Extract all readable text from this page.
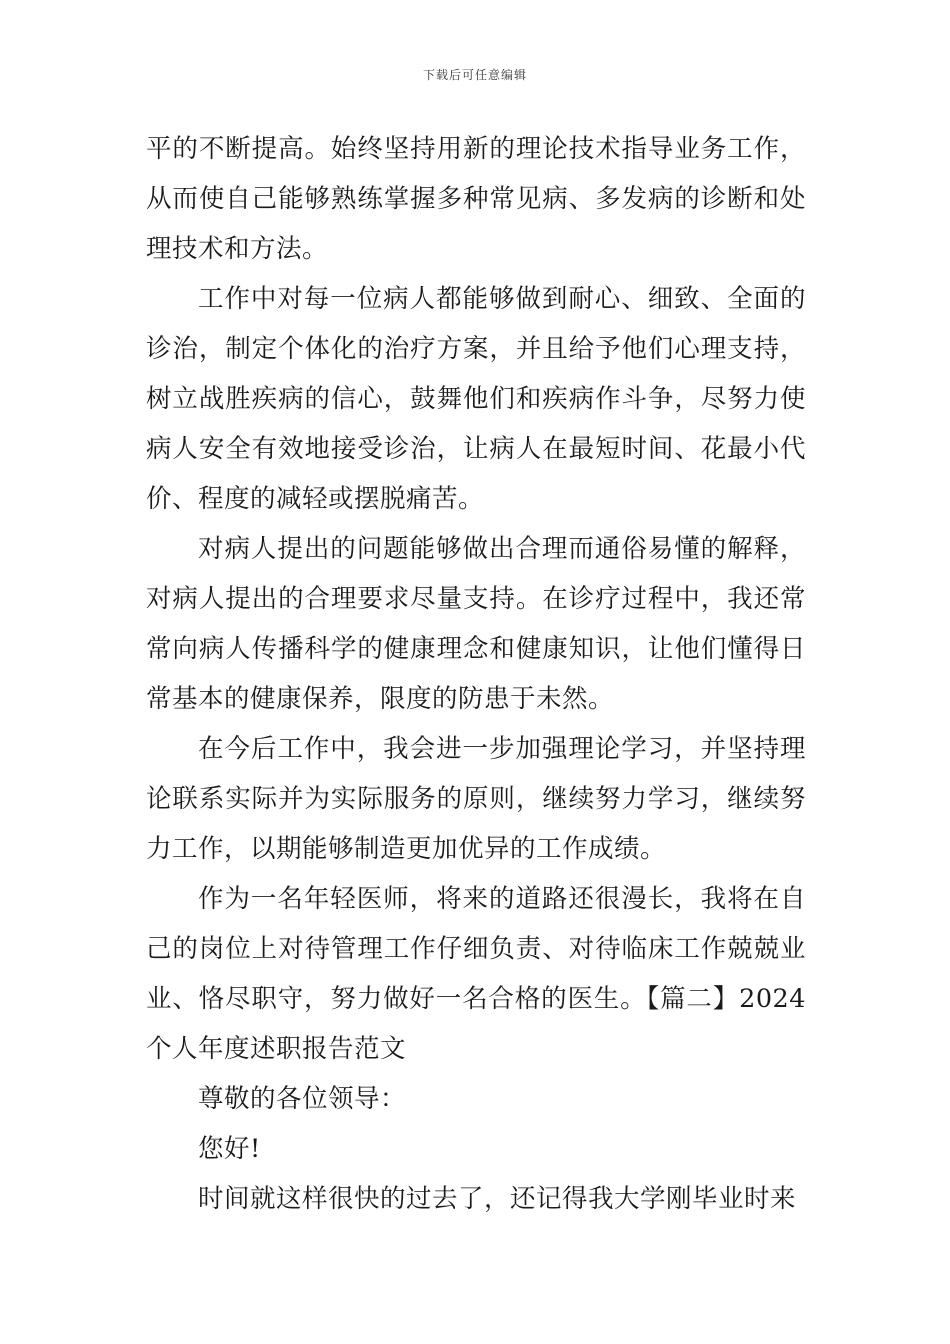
下载后可任意编辑

平的不断提高。始终坚持用新的理论技术指导业务工作，从而使自己能够熟练掌握多种常见病、多发病的诊断和处理技术和方法。

工作中对每一位病人都能够做到耐心、细致、全面的诊治，制定个体化的治疗方案，并且给予他们心理支持，树立战胜疾病的信心，鼓舞他们和疾病作斗争，尽努力使病人安全有效地接受诊治，让病人在最短时间、花最小代价、程度的减轻或摆脱痛苦。

对病人提出的问题能够做出合理而通俗易懂的解释，对病人提出的合理要求尽量支持。在诊疗过程中，我还常常向病人传播科学的健康理念和健康知识，让他们懂得日常基本的健康保养，限度的防患于未然。

在今后工作中，我会进一步加强理论学习，并坚持理论联系实际并为实际服务的原则，继续努力学习，继续努力工作，以期能够制造更加优异的工作成绩。

作为一名年轻医师，将来的道路还很漫长，我将在自己的岗位上对待管理工作仔细负责、对待临床工作兢兢业业、恪尽职守，努力做好一名合格的医生。【篇二】2024个人年度述职报告范文

尊敬的各位领导：

您好!

时间就这样很快的过去了，还记得我大学刚毕业时来
